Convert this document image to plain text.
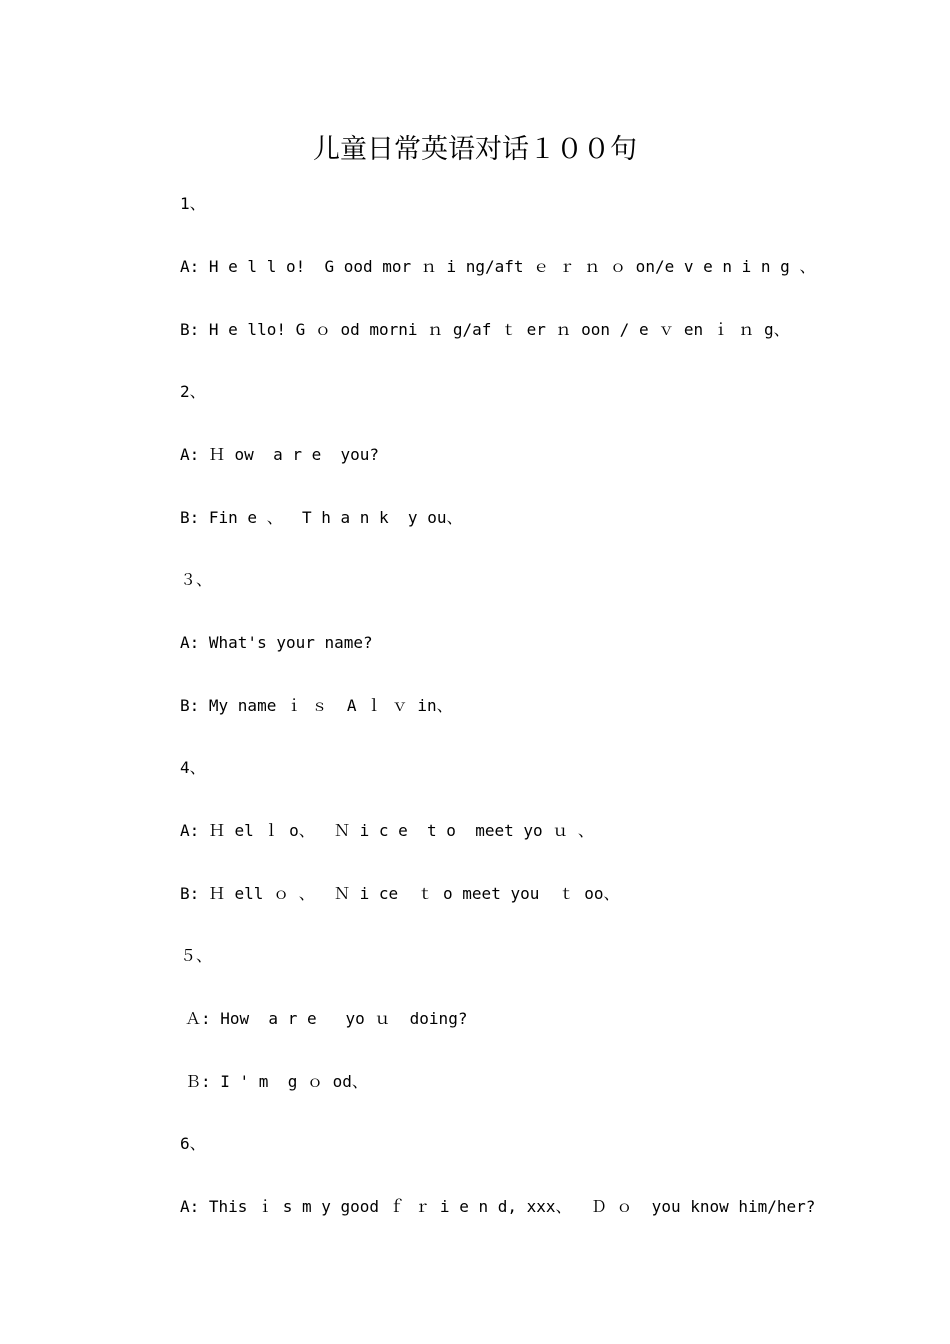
儿童日常英语对话１００句
1、
A: H e l l o!  G ood mor ｎ i ng/aft ｅ ｒ ｎ ｏ on/e v e n i n g 、
B: H e llo! G ｏ od morni ｎ g/af ｔ er ｎ oon / e ｖ en ｉ ｎ g、
2、
A: Ｈ ow  a r e  you?
B: Fin e 、  T h a n k  y ou、
３、
A: What's your name?
B: My name ｉ ｓ  A ｌ ｖ in、
4、
A: Ｈ el ｌ o、  Ｎ i c e  t o  meet yo ｕ 、
B: Ｈ ell ｏ 、  Ｎ i ce  ｔ o meet you  ｔ oo、
５、
Ａ: How  a r e   yo ｕ  doing?
Ｂ: I ' m  g ｏ od、
6、
A: This ｉ s m y good ｆ ｒ i e n d, xxx、  Ｄ ｏ  you know him/her?
